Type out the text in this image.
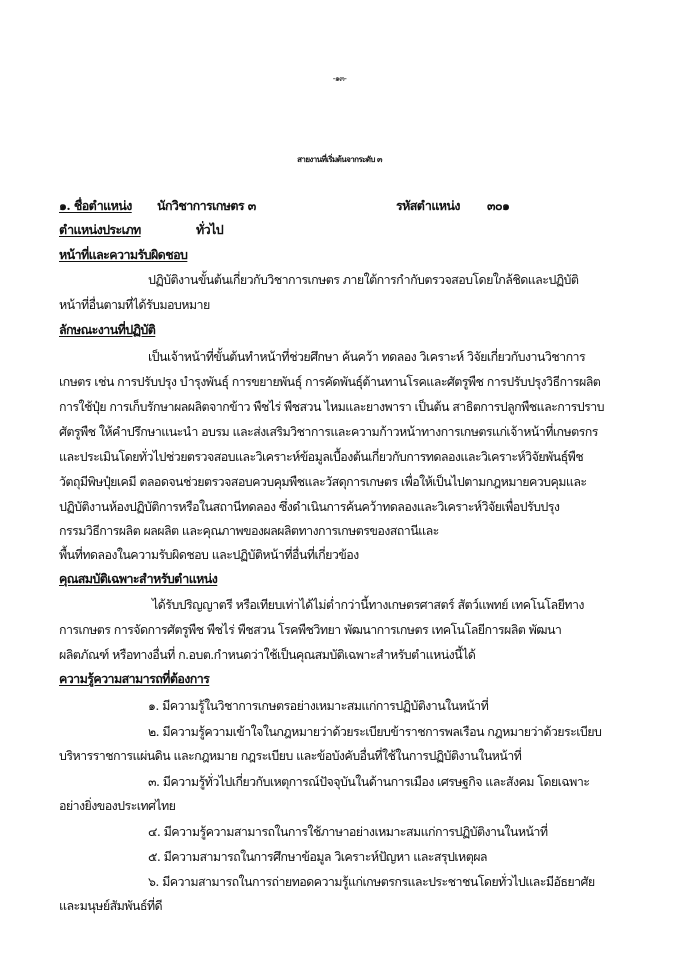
-๑๓-
สายงานที่เริ่มต้นจากระดับ ๓
๑. ชื่อตำแหน่ง นักวิชาการเกษตร ๓	รหัสตำแหน่ง ๓๐๑
ตำแหน่งประเภท	ทั่วไป
หน้าที่และความรับผิดชอบ
ปฏิบัติงานขั้นต้นเกี่ยวกับวิชาการเกษตร ภายใต้การกำกับตรวจสอบโดยใกล้ชิดและปฏิบัติ
หน้าที่อื่นตามที่ได้รับมอบหมาย
ลักษณะงานที่ปฏิบัติ
เป็นเจ้าหน้าที่ขั้นต้นทำหน้าที่ช่วยศึกษา ค้นคว้า ทดลอง วิเคราะห์ วิจัยเกี่ยวกับงานวิชาการ
เกษตร เช่น การปรับปรุง บำรุงพันธุ์ การขยายพันธุ์ การคัดพันธุ์ต้านทานโรคและศัตรูพืช การปรับปรุงวิธีการผลิต
การใช้ปุ๋ย การเก็บรักษาผลผลิตจากข้าว พืชไร่ พืชสวน ไหมและยางพารา เป็นต้น สาธิตการปลูกพืชและการปราบ
ศัตรูพืช ให้คำปรึกษาแนะนำ อบรม และส่งเสริมวิชาการและความก้าวหน้าทางการเกษตรแก่เจ้าหน้าที่เกษตรกร
และประเมินโดยทั่วไปช่วยตรวจสอบและวิเคราะห์ข้อมูลเบื้องต้นเกี่ยวกับการทดลองและวิเคราะห์วิจัยพันธุ์พืช
วัตถุมีพิษปุ๋ยเคมี ตลอดจนช่วยตรวจสอบควบคุมพืชและวัสดุการเกษตร เพื่อให้เป็นไปตามกฎหมายควบคุมและ
ปฏิบัติงานห้องปฏิบัติการหรือในสถานีทดลอง ซึ่งดำเนินการค้นคว้าทดลองและวิเคราะห์วิจัยเพื่อปรับปรุง
กรรมวิธีการผลิต ผลผลิต และคุณภาพของผลผลิตทางการเกษตรของสถานีและ
พื้นที่ทดลองในความรับผิดชอบ และปฏิบัติหน้าที่อื่นที่เกี่ยวข้อง
คุณสมบัติเฉพาะสำหรับตำแหน่ง
ได้รับปริญญาตรี หรือเทียบเท่าได้ไม่ต่ำกว่านี้ทางเกษตรศาสตร์ สัตว์แพทย์ เทคโนโลยีทาง
การเกษตร การจัดการศัตรูพืช พืชไร่ พืชสวน โรคพืชวิทยา พัฒนาการเกษตร เทคโนโลยีการผลิต พัฒนา
ผลิตภัณฑ์ หรือทางอื่นที่ ก.อบต.กำหนดว่าใช้เป็นคุณสมบัติเฉพาะสำหรับตำแหน่งนี้ได้
ความรู้ความสามารถที่ต้องการ
๑. มีความรู้ในวิชาการเกษตรอย่างเหมาะสมแก่การปฏิบัติงานในหน้าที่
๒. มีความรู้ความเข้าใจในกฎหมายว่าด้วยระเบียบข้าราชการพลเรือน กฎหมายว่าด้วยระเบียบ
บริหารราชการแผ่นดิน และกฎหมาย กฎระเบียบ และข้อบังคับอื่นที่ใช้ในการปฏิบัติงานในหน้าที่
๓. มีความรู้ทั่วไปเกี่ยวกับเหตุการณ์ปัจจุบันในด้านการเมือง เศรษฐกิจ และสังคม โดยเฉพาะ
อย่างยิ่งของประเทศไทย
๔. มีความรู้ความสามารถในการใช้ภาษาอย่างเหมาะสมแก่การปฏิบัติงานในหน้าที่
๕. มีความสามารถในการศึกษาข้อมูล วิเคราะห์ปัญหา และสรุปเหตุผล
๖. มีความสามารถในการถ่ายทอดความรู้แก่เกษตรกรและประชาชนโดยทั่วไปและมีอัธยาศัย
และมนุษย์สัมพันธ์ที่ดี
